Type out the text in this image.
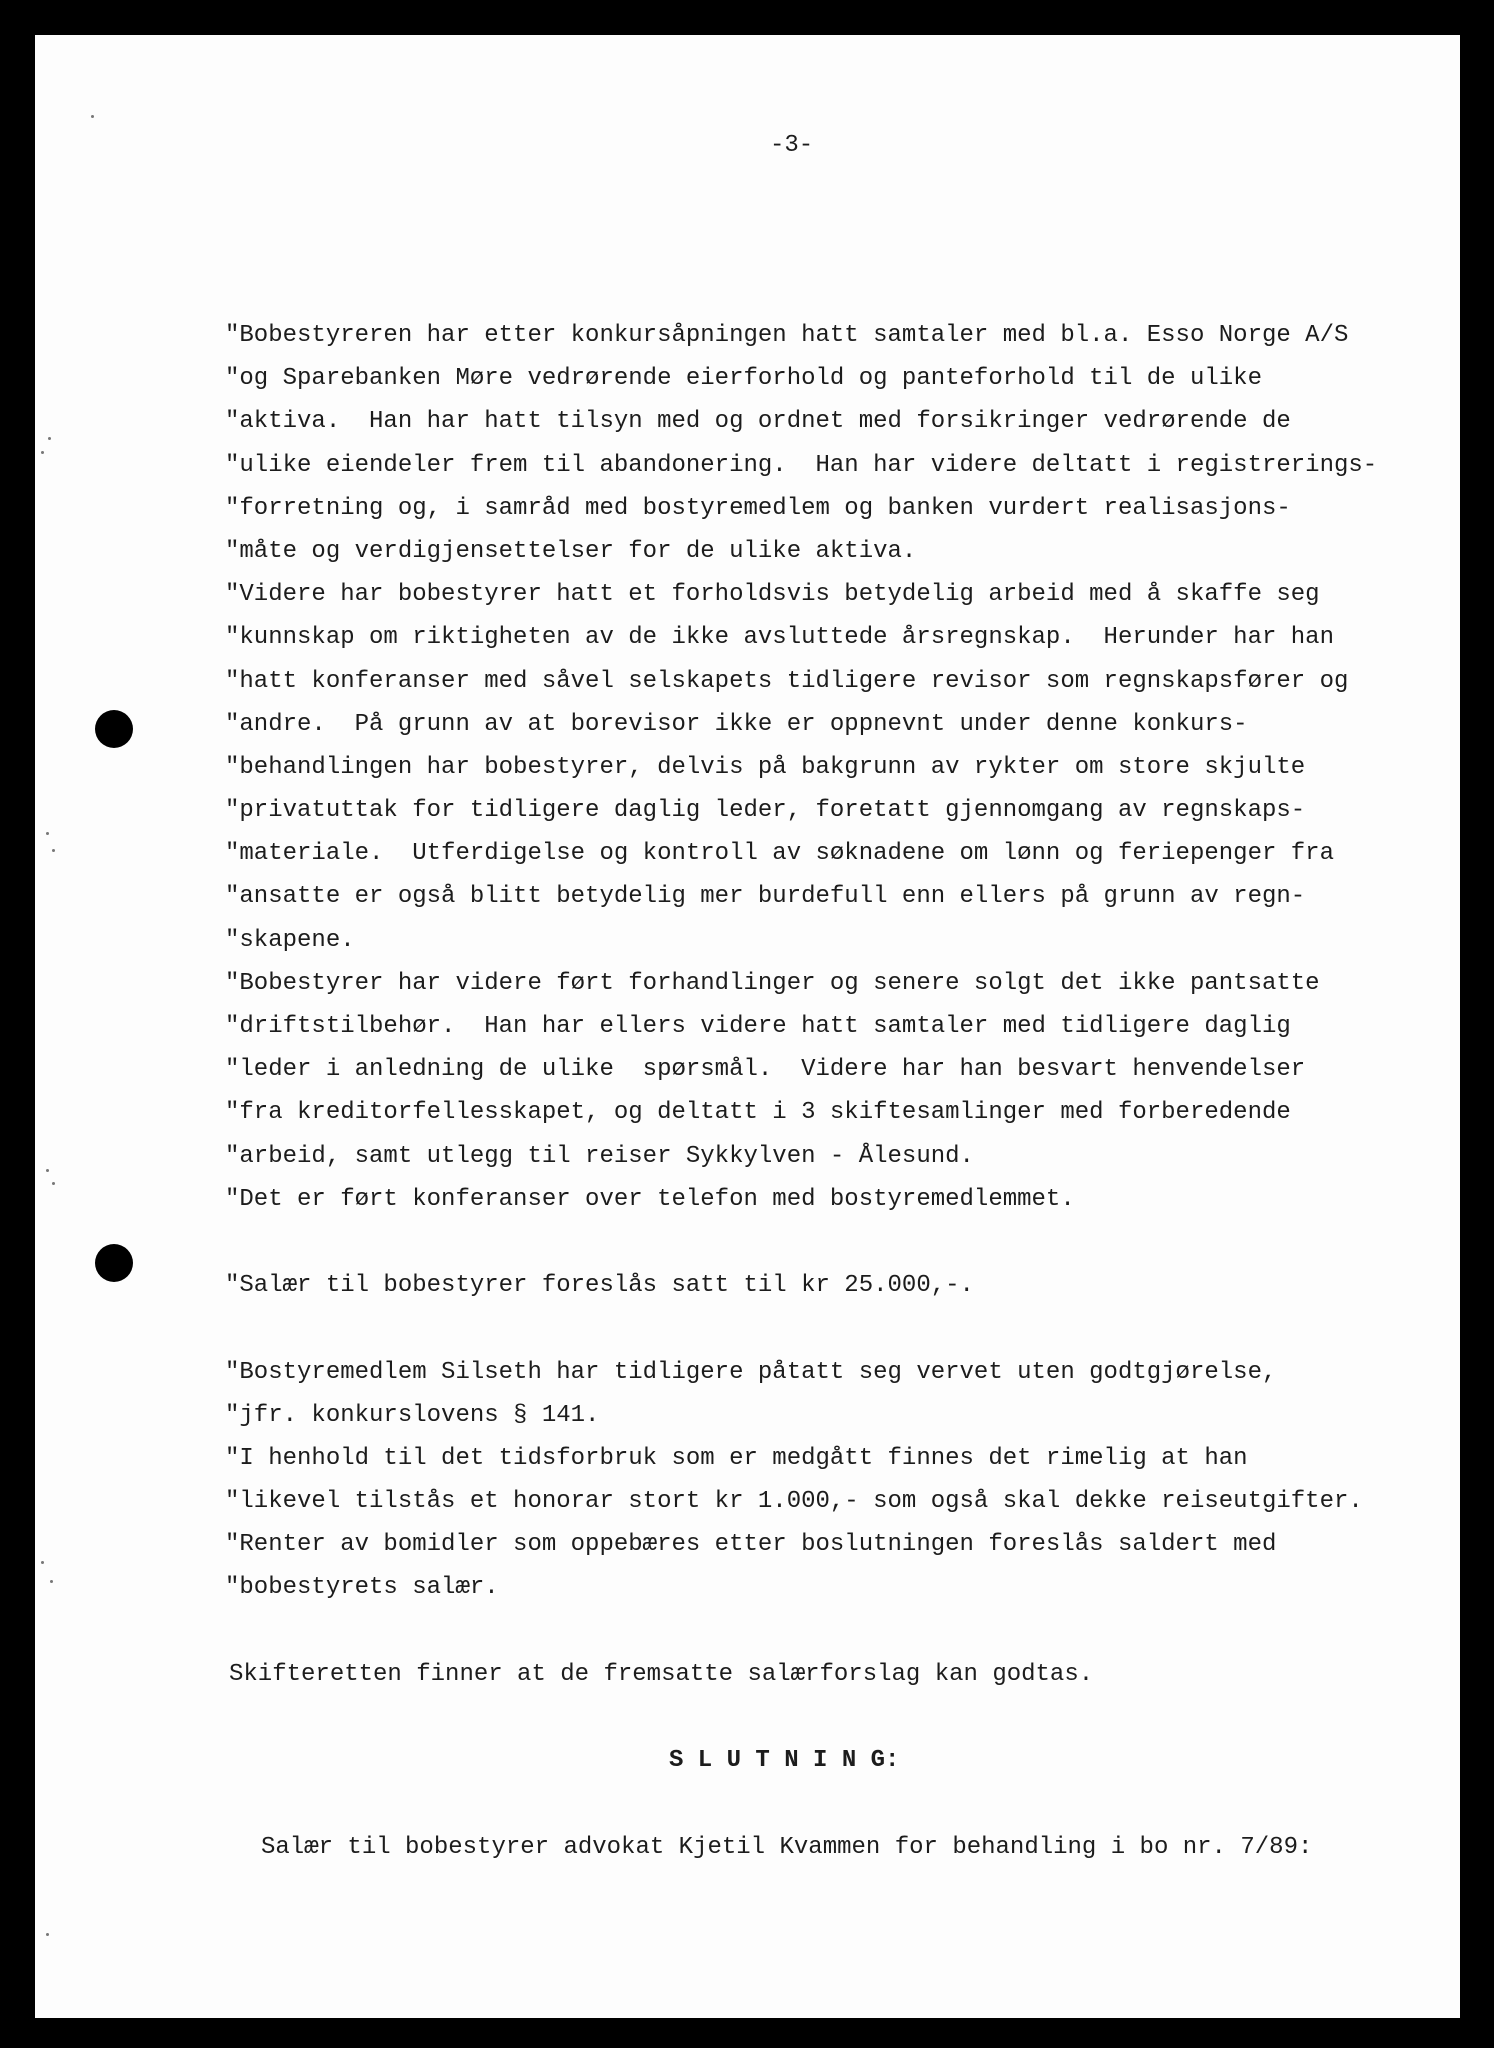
-3-
"Bobestyreren har etter konkursåpningen hatt samtaler med bl.a. Esso Norge A/S
"og Sparebanken Møre vedrørende eierforhold og panteforhold til de ulike
"aktiva.  Han har hatt tilsyn med og ordnet med forsikringer vedrørende de
"ulike eiendeler frem til abandonering.  Han har videre deltatt i registrerings-
"forretning og, i samråd med bostyremedlem og banken vurdert realisasjons-
"måte og verdigjensettelser for de ulike aktiva.
"Videre har bobestyrer hatt et forholdsvis betydelig arbeid med å skaffe seg
"kunnskap om riktigheten av de ikke avsluttede årsregnskap.  Herunder har han
"hatt konferanser med såvel selskapets tidligere revisor som regnskapsfører og
"andre.  På grunn av at borevisor ikke er oppnevnt under denne konkurs-
"behandlingen har bobestyrer, delvis på bakgrunn av rykter om store skjulte
"privatuttak for tidligere daglig leder, foretatt gjennomgang av regnskaps-
"materiale.  Utferdigelse og kontroll av søknadene om lønn og feriepenger fra
"ansatte er også blitt betydelig mer burdefull enn ellers på grunn av regn-
"skapene.
"Bobestyrer har videre ført forhandlinger og senere solgt det ikke pantsatte
"driftstilbehør.  Han har ellers videre hatt samtaler med tidligere daglig
"leder i anledning de ulike  spørsmål.  Videre har han besvart henvendelser
"fra kreditorfellesskapet, og deltatt i 3 skiftesamlinger med forberedende
"arbeid, samt utlegg til reiser Sykkylven - Ålesund.
"Det er ført konferanser over telefon med bostyremedlemmet.
"Salær til bobestyrer foreslås satt til kr 25.000,-.
"Bostyremedlem Silseth har tidligere påtatt seg vervet uten godtgjørelse,
"jfr. konkurslovens § 141.
"I henhold til det tidsforbruk som er medgått finnes det rimelig at han
"likevel tilstås et honorar stort kr 1.000,- som også skal dekke reiseutgifter.
"Renter av bomidler som oppebæres etter boslutningen foreslås saldert med
"bobestyrets salær.
Skifteretten finner at de fremsatte salærforslag kan godtas.
S L U T N I N G:
Salær til bobestyrer advokat Kjetil Kvammen for behandling i bo nr. 7/89:
